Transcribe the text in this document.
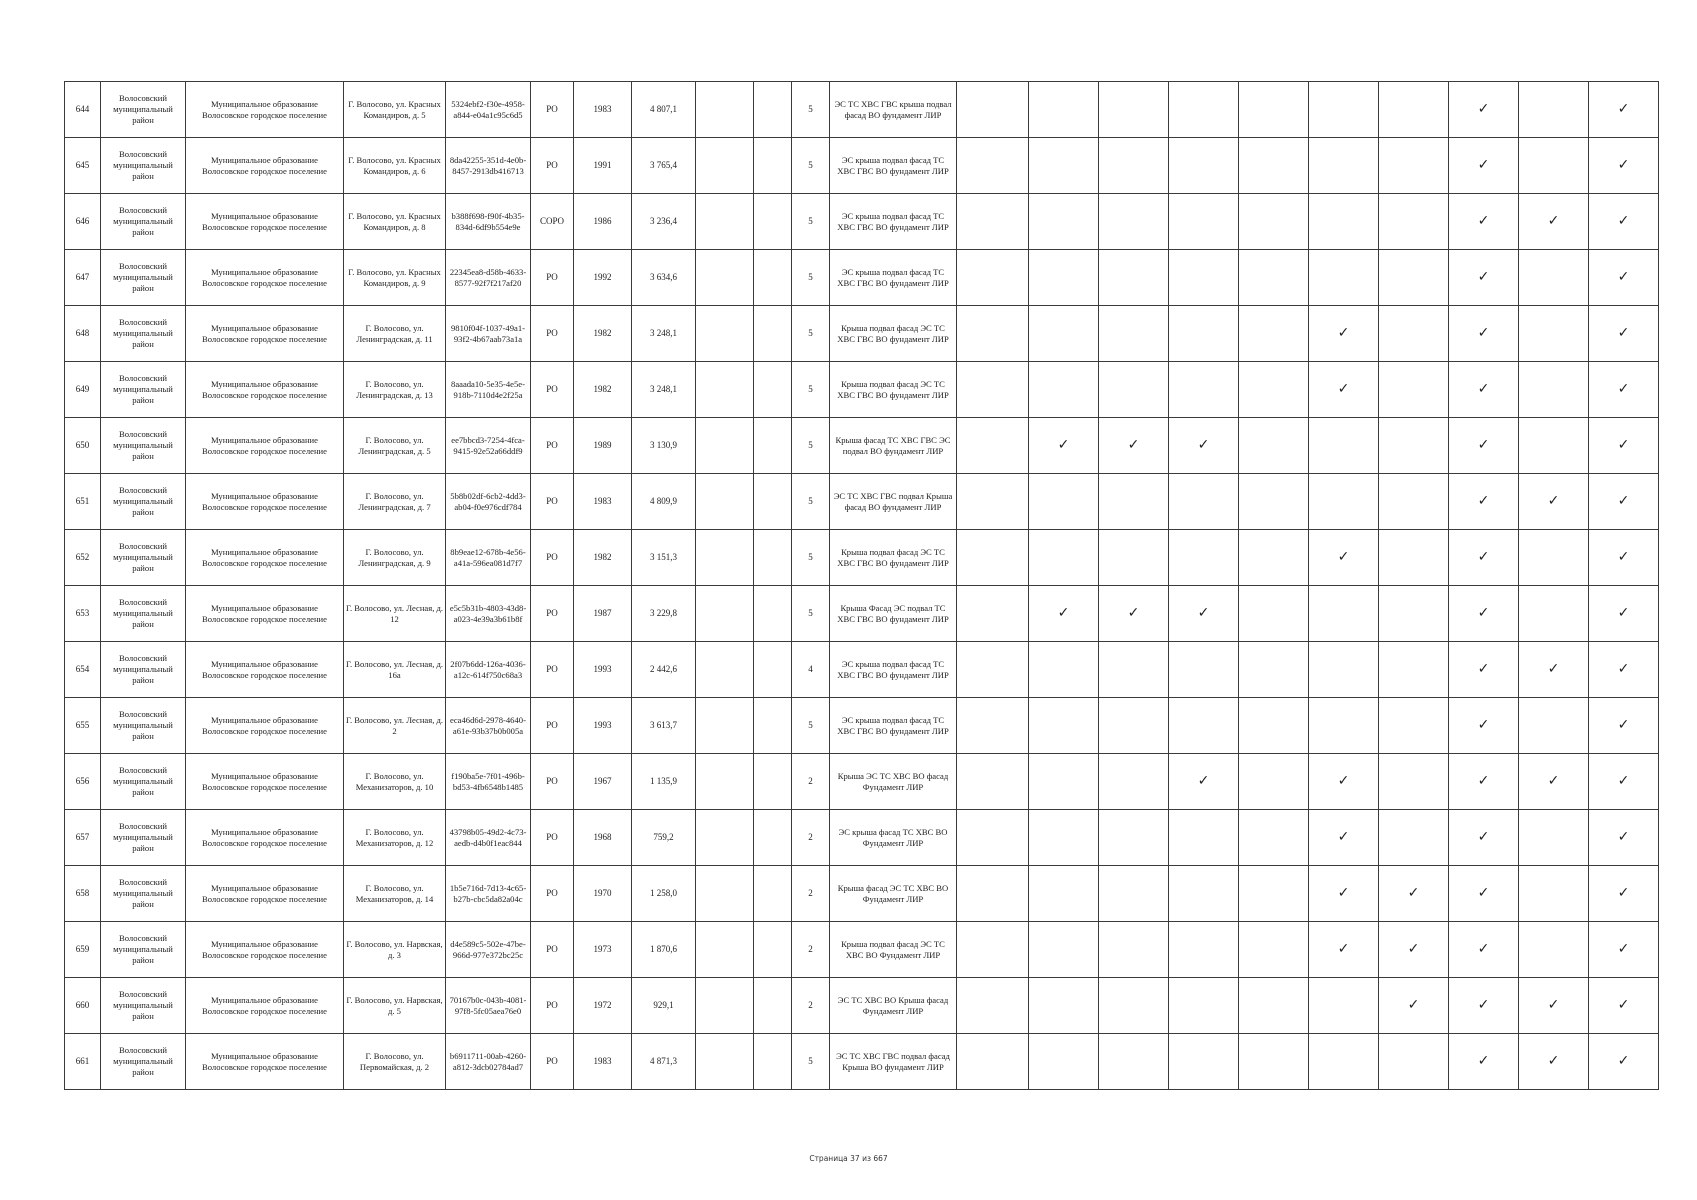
644	Волосовский муниципальный район	Муниципальное образование Волосовское городское поселение	Г. Волосово, ул. Красных Командиров, д. 5	5324ebf2-f30e-4958-a844-e04a1c95c6d5	РО	1983	4 807,1			5	ЭС ТС ХВС ГВС крыша подвал фасад ВО фундамент ЛИР								✓		✓
645	Волосовский муниципальный район	Муниципальное образование Волосовское городское поселение	Г. Волосово, ул. Красных Командиров, д. 6	8da42255-351d-4e0b-8457-2913db416713	РО	1991	3 765,4			5	ЭС крыша подвал фасад ТС ХВС ГВС ВО фундамент ЛИР								✓		✓
646	Волосовский муниципальный район	Муниципальное образование Волосовское городское поселение	Г. Волосово, ул. Красных Командиров, д. 8	b388f698-f90f-4b35-834d-6df9b554e9e	СОРО	1986	3 236,4			5	ЭС крыша подвал фасад ТС ХВС ГВС ВО фундамент ЛИР								✓	✓	✓
647	Волосовский муниципальный район	Муниципальное образование Волосовское городское поселение	Г. Волосово, ул. Красных Командиров, д. 9	22345ea8-d58b-4633-8577-92f7f217af20	РО	1992	3 634,6			5	ЭС крыша подвал фасад ТС ХВС ГВС ВО фундамент ЛИР								✓		✓
648	Волосовский муниципальный район	Муниципальное образование Волосовское городское поселение	Г. Волосово, ул. Ленинградская, д. 11	9810f04f-1037-49a1-93f2-4b67aab73a1a	РО	1982	3 248,1			5	Крыша подвал фасад ЭС ТС ХВС ГВС ВО фундамент ЛИР						✓		✓		✓
649	Волосовский муниципальный район	Муниципальное образование Волосовское городское поселение	Г. Волосово, ул. Ленинградская, д. 13	8aaada10-5e35-4e5e-918b-7110d4e2f25a	РО	1982	3 248,1			5	Крыша подвал фасад ЭС ТС ХВС ГВС ВО фундамент ЛИР						✓		✓		✓
650	Волосовский муниципальный район	Муниципальное образование Волосовское городское поселение	Г. Волосово, ул. Ленинградская, д. 5	ee7bbcd3-7254-4fca-9415-92e52a66ddf9	РО	1989	3 130,9			5	Крыша фасад ТС ХВС ГВС ЭС подвал ВО фундамент ЛИР		✓	✓	✓				✓		✓
651	Волосовский муниципальный район	Муниципальное образование Волосовское городское поселение	Г. Волосово, ул. Ленинградская, д. 7	5b8b02df-6cb2-4dd3-ab04-f0e976cdf784	РО	1983	4 809,9			5	ЭС ТС ХВС ГВС подвал Крыша фасад ВО фундамент ЛИР								✓	✓	✓
652	Волосовский муниципальный район	Муниципальное образование Волосовское городское поселение	Г. Волосово, ул. Ленинградская, д. 9	8b9eae12-678b-4e56-a41a-596ea081d7f7	РО	1982	3 151,3			5	Крыша подвал фасад ЭС ТС ХВС ГВС ВО фундамент ЛИР						✓		✓		✓
653	Волосовский муниципальный район	Муниципальное образование Волосовское городское поселение	Г. Волосово, ул. Лесная, д. 12	e5c5b31b-4803-43d8-a023-4e39a3b61b8f	РО	1987	3 229,8			5	Крыша Фасад ЭС подвал ТС ХВС ГВС ВО фундамент ЛИР		✓	✓	✓				✓		✓
654	Волосовский муниципальный район	Муниципальное образование Волосовское городское поселение	Г. Волосово, ул. Лесная, д. 16а	2f07b6dd-126a-4036-a12c-614f750c68a3	РО	1993	2 442,6			4	ЭС крыша подвал фасад ТС ХВС ГВС ВО фундамент ЛИР								✓	✓	✓
655	Волосовский муниципальный район	Муниципальное образование Волосовское городское поселение	Г. Волосово, ул. Лесная, д. 2	eca46d6d-2978-4640-a61e-93b37b0b005a	РО	1993	3 613,7			5	ЭС крыша подвал фасад ТС ХВС ГВС ВО фундамент ЛИР								✓		✓
656	Волосовский муниципальный район	Муниципальное образование Волосовское городское поселение	Г. Волосово, ул. Механизаторов, д. 10	f190ba5e-7f01-496b-bd53-4fb6548b1485	РО	1967	1 135,9			2	Крыша ЭС ТС ХВС ВО фасад Фундамент ЛИР				✓		✓		✓	✓	✓
657	Волосовский муниципальный район	Муниципальное образование Волосовское городское поселение	Г. Волосово, ул. Механизаторов, д. 12	43798b05-49d2-4c73-aedb-d4b0f1eac844	РО	1968	759,2			2	ЭС крыша фасад ТС ХВС ВО Фундамент ЛИР						✓		✓		✓
658	Волосовский муниципальный район	Муниципальное образование Волосовское городское поселение	Г. Волосово, ул. Механизаторов, д. 14	1b5e716d-7d13-4c65-b27b-cbc5da82a04c	РО	1970	1 258,0			2	Крыша фасад ЭС ТС ХВС ВО Фундамент ЛИР						✓	✓	✓		✓
659	Волосовский муниципальный район	Муниципальное образование Волосовское городское поселение	Г. Волосово, ул. Нарвская, д. 3	d4e589c5-502e-47be-966d-977e372bc25c	РО	1973	1 870,6			2	Крыша подвал фасад ЭС ТС ХВС ВО Фундамент ЛИР						✓	✓	✓		✓
660	Волосовский муниципальный район	Муниципальное образование Волосовское городское поселение	Г. Волосово, ул. Нарвская, д. 5	70167b0c-043b-4081-97f8-5fc05aea76e0	РО	1972	929,1			2	ЭС ТС ХВС ВО Крыша фасад Фундамент ЛИР							✓	✓	✓	✓
661	Волосовский муниципальный район	Муниципальное образование Волосовское городское поселение	Г. Волосово, ул. Первомайская, д. 2	b6911711-00ab-4260-a812-3dcb02784ad7	РО	1983	4 871,3			5	ЭС ТС ХВС ГВС подвал фасад Крыша ВО фундамент ЛИР								✓	✓	✓
Страница 37 из 667
